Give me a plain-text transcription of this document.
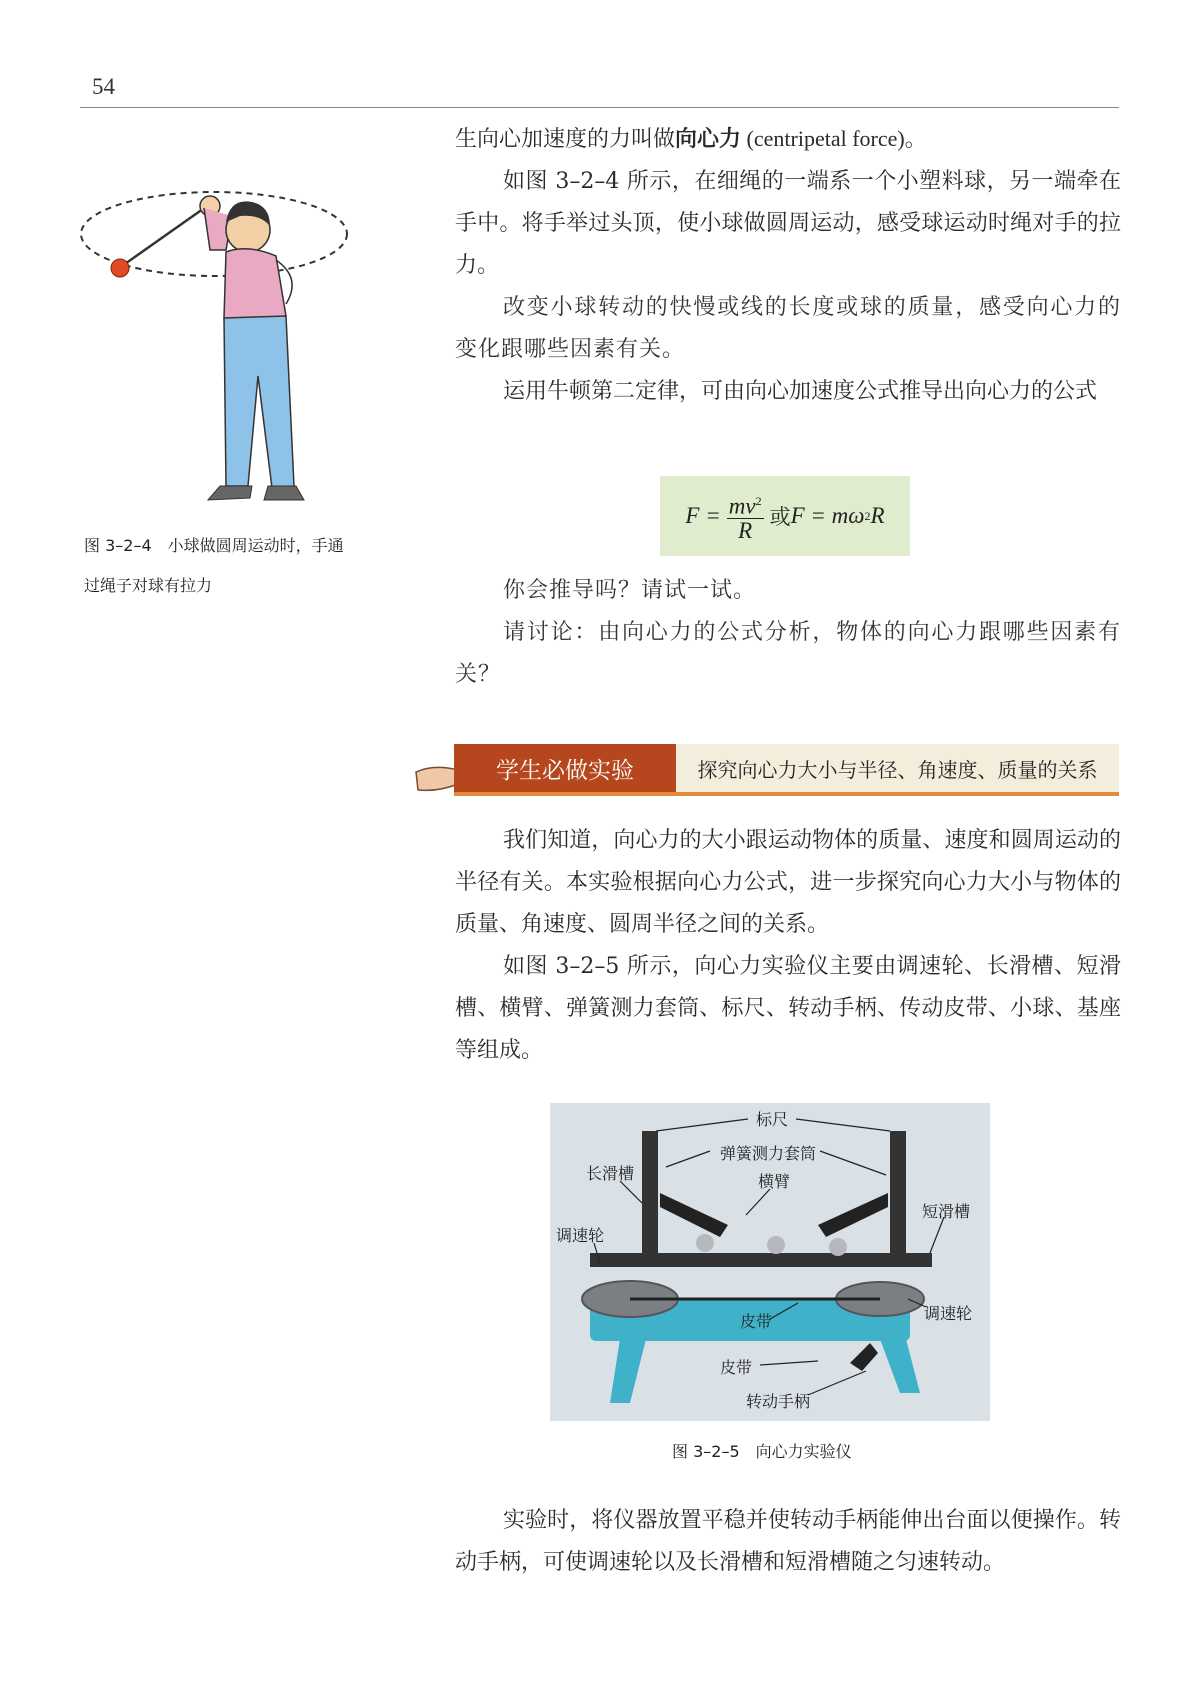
54
图 3–2–4　小球做圆周运动时，手通
过绳子对球有拉力

生向心加速度的力叫做向心力 (centripetal force)。

如图 3–2–4 所示，在细绳的一端系一个小塑料球，另一端牵在手中。将手举过头顶，使小球做圆周运动，感受球运动时绳对手的拉力。

改变小球转动的快慢或线的长度或球的质量，感受向心力的变化跟哪些因素有关。

运用牛顿第二定律，可由向心加速度公式推导出向心力的公式

$F = \frac{mv^2}{R}$ 或 F = mω 2 R

你会推导吗？请试一试。

请讨论：由向心力的公式分析，物体的向心力跟哪些因素有关？

学生必做实验	探究向心力大小与半径、角速度、质量的关系

我们知道，向心力的大小跟运动物体的质量、速度和圆周运动的半径有关。本实验根据向心力公式，进一步探究向心力大小与物体的质量、角速度、圆周半径之间的关系。

如图 3–2–5 所示，向心力实验仪主要由调速轮、长滑槽、短滑槽、横臂、弹簧测力套筒、标尺、转动手柄、传动皮带、小球、基座等组成。

标尺
弹簧测力套筒
长滑槽	横臂
短滑槽
调速轮
调速轮
皮带
皮带
转动手柄
图 3–2–5　向心力实验仪

实验时，将仪器放置平稳并使转动手柄能伸出台面以便操作。转动手柄，可使调速轮以及长滑槽和短滑槽随之匀速转动。
